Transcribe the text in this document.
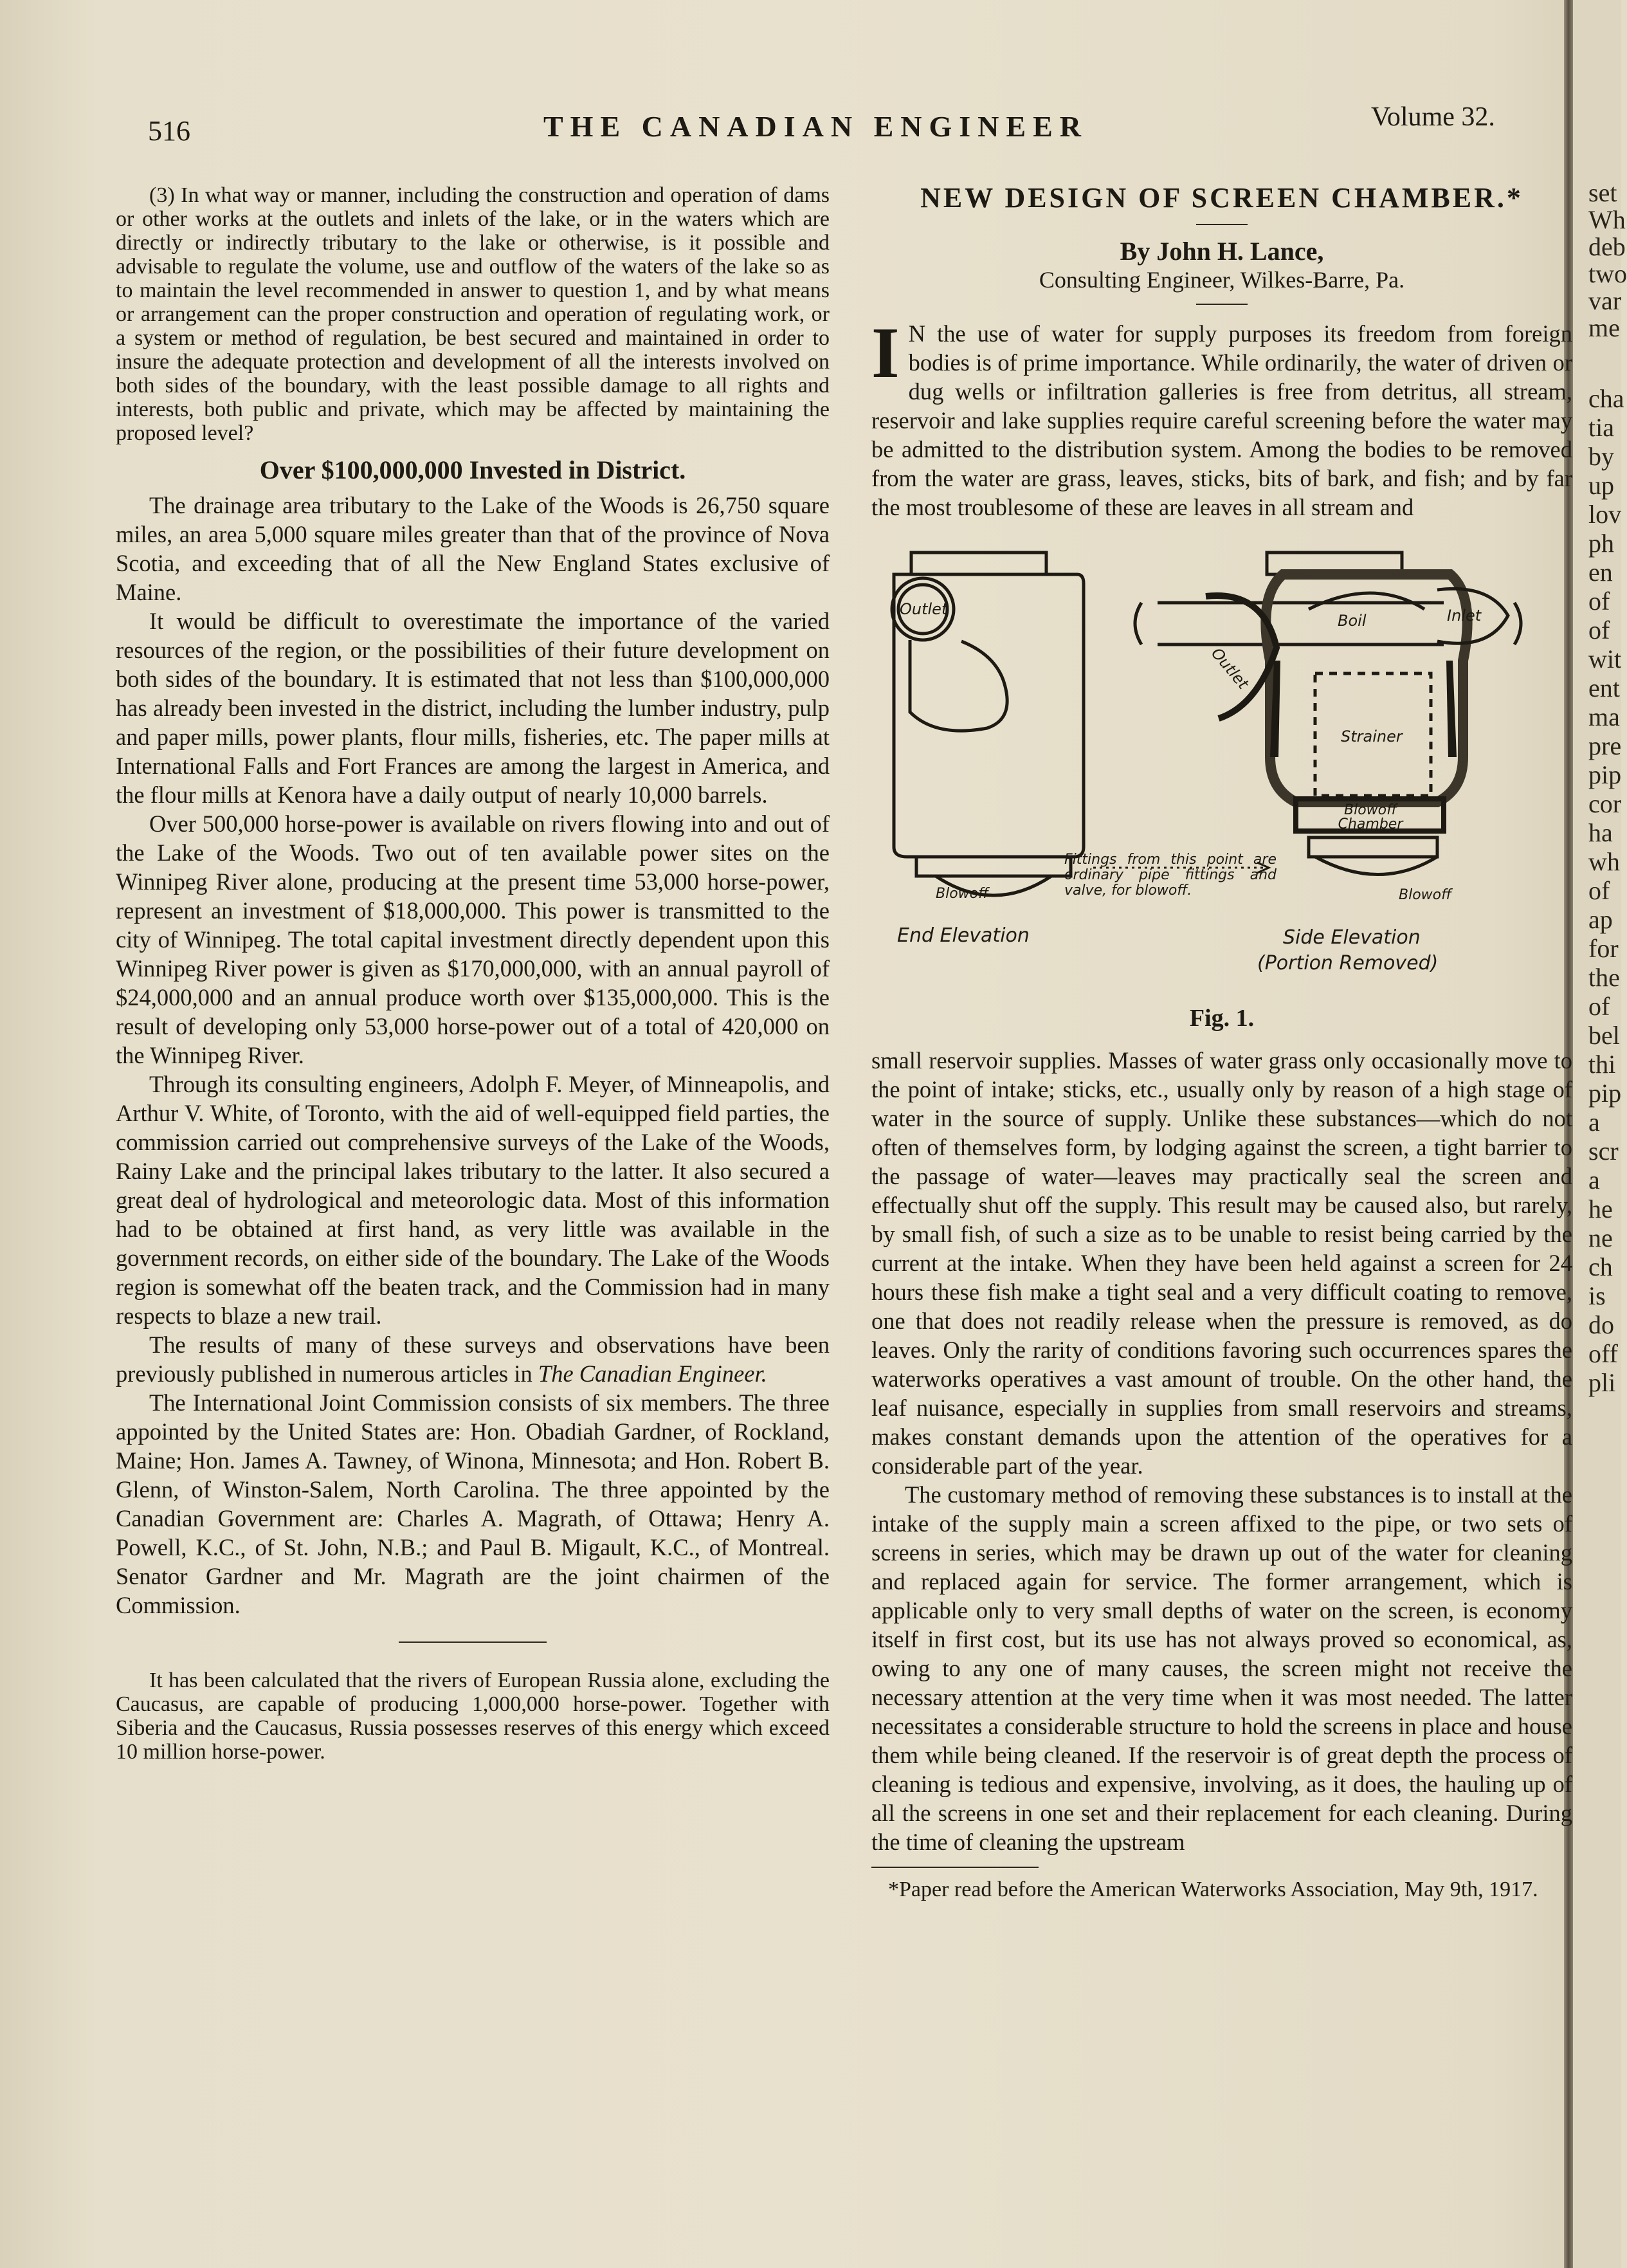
set
Wh
deb
two
var
me
cha
tia
by
up
lov
ph
en
of
of
wit
ent
ma
pre
pip
cor
ha
wh
of
ap
for
the
of
bel
thi
pip
a
scr
a
he
ne
ch
is
do
off
pli
516	THE CANADIAN ENGINEER	Volume 32.

(3) In what way or manner, including the construction and operation of dams or other works at the outlets and inlets of the lake, or in the waters which are directly or indirectly tributary to the lake or otherwise, is it possible and advisable to regulate the volume, use and outflow of the waters of the lake so as to maintain the level recommended in answer to question 1, and by what means or arrangement can the proper construction and operation of regulating work, or a system or method of regulation, be best secured and maintained in order to insure the adequate protection and development of all the interests involved on both sides of the boundary, with the least possible damage to all rights and interests, both public and private, which may be affected by maintaining the proposed level?

Over $100,000,000 Invested in District.

The drainage area tributary to the Lake of the Woods is 26,750 square miles, an area 5,000 square miles greater than that of the province of Nova Scotia, and exceeding that of all the New England States exclusive of Maine.

It would be difficult to overestimate the importance of the varied resources of the region, or the possibilities of their future development on both sides of the boundary. It is estimated that not less than $100,000,000 has already been invested in the district, including the lumber industry, pulp and paper mills, power plants, flour mills, fisheries, etc. The paper mills at International Falls and Fort Frances are among the largest in America, and the flour mills at Kenora have a daily output of nearly 10,000 barrels.

Over 500,000 horse-power is available on rivers flowing into and out of the Lake of the Woods. Two out of ten available power sites on the Winnipeg River alone, producing at the present time 53,000 horse-power, represent an investment of $18,000,000. This power is transmitted to the city of Winnipeg. The total capital investment directly dependent upon this Winnipeg River power is given as $170,000,000, with an annual payroll of $24,000,000 and an annual produce worth over $135,000,000. This is the result of developing only 53,000 horse-power out of a total of 420,000 on the Winnipeg River.

Through its consulting engineers, Adolph F. Meyer, of Minneapolis, and Arthur V. White, of Toronto, with the aid of well-equipped field parties, the commission carried out comprehensive surveys of the Lake of the Woods, Rainy Lake and the principal lakes tributary to the latter. It also secured a great deal of hydrological and meteorologic data. Most of this information had to be obtained at first hand, as very little was available in the government records, on either side of the boundary. The Lake of the Woods region is somewhat off the beaten track, and the Commission had in many respects to blaze a new trail.

The results of many of these surveys and observations have been previously published in numerous articles in The Canadian Engineer.

The International Joint Commission consists of six members. The three appointed by the United States are: Hon. Obadiah Gardner, of Rockland, Maine; Hon. James A. Tawney, of Winona, Minnesota; and Hon. Robert B. Glenn, of Winston-Salem, North Carolina. The three appointed by the Canadian Government are: Charles A. Magrath, of Ottawa; Henry A. Powell, K.C., of St. John, N.B.; and Paul B. Migault, K.C., of Montreal. Senator Gardner and Mr. Magrath are the joint chairmen of the Commission.

It has been calculated that the rivers of European Russia alone, excluding the Caucasus, are capable of producing 1,000,000 horse-power. Together with Siberia and the Caucasus, Russia possesses reserves of this energy which exceed 10 million horse-power.

NEW DESIGN OF SCREEN CHAMBER.*
By John H. Lance,
Consulting Engineer, Wilkes-Barre, Pa.

I N the use of water for supply purposes its freedom from foreign bodies is of prime importance. While ordinarily, the water of driven or dug wells or infiltration galleries is free from detritus, all stream, reservoir and lake supplies require careful screening before the water may be admitted to the distribution system. Among the bodies to be removed from the water are grass, leaves, sticks, bits of bark, and fish; and by far the most troublesome of these are leaves in all stream and

Outlet
Outlet
Boil	Inlet
Strainer
Blowoff Chamber
Blowoff	Blowoff
Fittings from this point are ordinary pipe fittings and valve, for blowoff.
End Elevation	Side Elevation
(Portion Removed)
Fig. 1.

small reservoir supplies. Masses of water grass only occasionally move to the point of intake; sticks, etc., usually only by reason of a high stage of water in the source of supply. Unlike these substances—which do not often of themselves form, by lodging against the screen, a tight barrier to the passage of water—leaves may practically seal the screen and effectually shut off the supply. This result may be caused also, but rarely, by small fish, of such a size as to be unable to resist being carried by the current at the intake. When they have been held against a screen for 24 hours these fish make a tight seal and a very difficult coating to remove, one that does not readily release when the pressure is removed, as do leaves. Only the rarity of conditions favoring such occurrences spares the waterworks operatives a vast amount of trouble. On the other hand, the leaf nuisance, especially in supplies from small reservoirs and streams, makes constant demands upon the attention of the operatives for a considerable part of the year.

The customary method of removing these substances is to install at the intake of the supply main a screen affixed to the pipe, or two sets of screens in series, which may be drawn up out of the water for cleaning and replaced again for service. The former arrangement, which is applicable only to very small depths of water on the screen, is economy itself in first cost, but its use has not always proved so economical, as, owing to any one of many causes, the screen might not receive the necessary attention at the very time when it was most needed. The latter necessitates a considerable structure to hold the screens in place and house them while being cleaned. If the reservoir is of great depth the process of cleaning is tedious and expensive, involving, as it does, the hauling up of all the screens in one set and their replacement for each cleaning. During the time of cleaning the upstream

*Paper read before the American Waterworks Association, May 9th, 1917.
